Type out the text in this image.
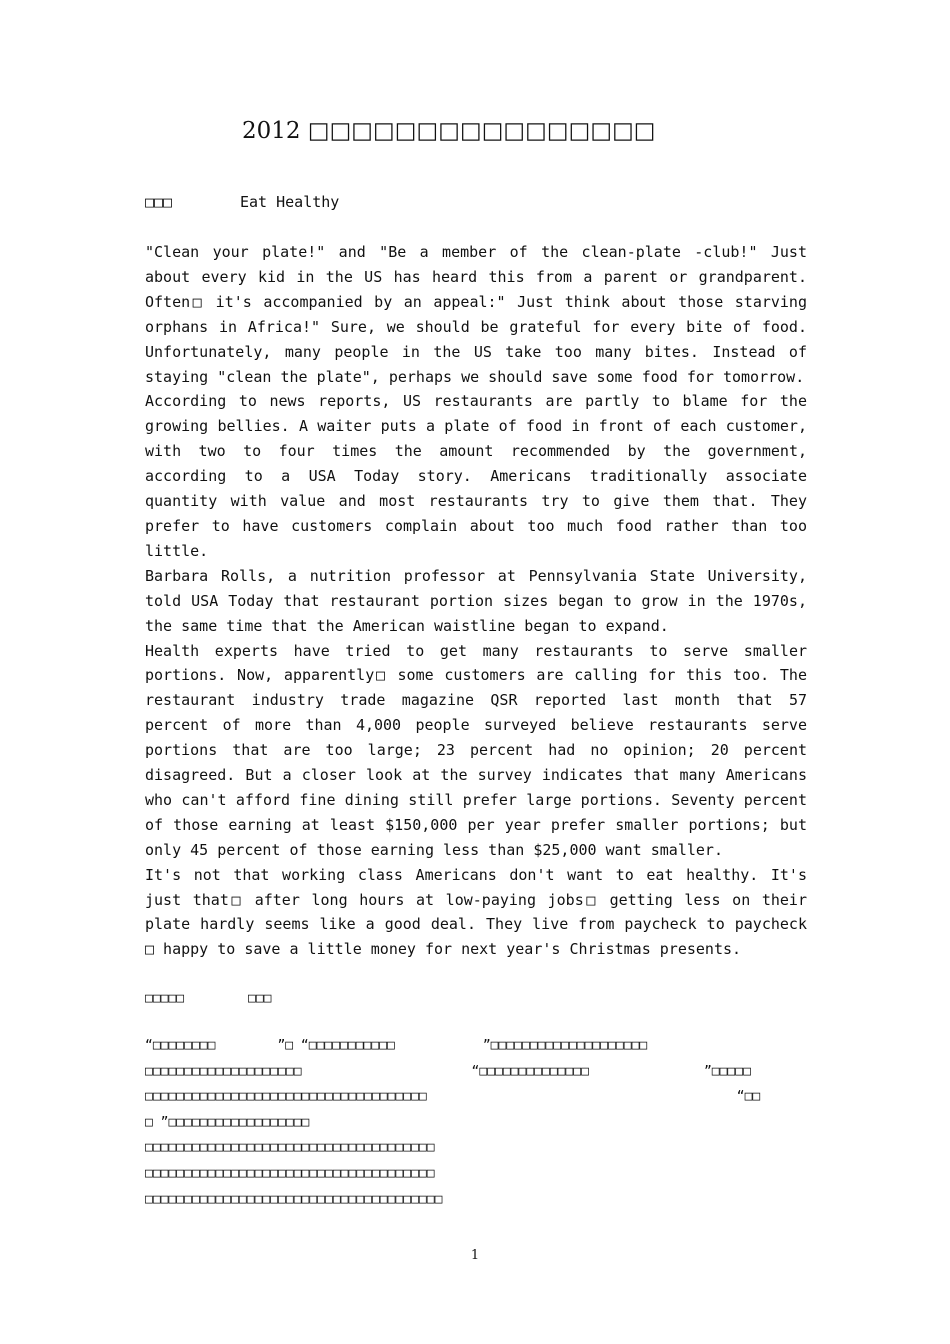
2012 □□□□□□□□□□□□□□□□
□□□	Eat Healthy

"Clean your plate!" and "Be a member of the clean-plate -club!" Just about every kid in the US has heard this from a parent or grandparent. Often□ it's accompanied by an appeal:" Just think about those starving orphans in Africa!" Sure, we should be grateful for every bite of food. Unfortunately, many people in the US take too many bites. Instead of staying "clean the plate", perhaps we should save some food for tomorrow.

According to news reports, US restaurants are partly to blame for the growing bellies. A waiter puts a plate of food in front of each customer, with two to four times the amount recommended by the government, according to a USA Today story. Americans traditionally associate quantity with value and most restaurants try to give them that. They prefer to have customers complain about too much food rather than too little.

Barbara Rolls, a nutrition professor at Pennsylvania State University, told USA Today that restaurant portion sizes began to grow in the 1970s, the same time that the American waistline began to expand.

Health experts have tried to get many restaurants to serve smaller portions. Now, apparently□ some customers are calling for this too. The restaurant industry trade magazine QSR reported last month that 57 percent of more than 4,000 people surveyed believe restaurants serve portions that are too large; 23 percent had no opinion; 20 percent disagreed. But a closer look at the survey indicates that many Americans who can't afford fine dining still prefer large portions. Seventy percent of those earning at least $150,000 per year prefer smaller portions; but only 45 percent of those earning less than $25,000 want smaller.

It's not that working class Americans don't want to eat healthy. It's just that□ after long hours at low-paying jobs□ getting less on their plate hardly seems like a good deal. They live from paycheck to paycheck □ happy to save a little money for next year's Christmas presents.

□□□□□	□□□
“□□□□□□□□	”□ “□□□□□□□□□□□	”□□□□□□□□□□□□□□□□□□□□
□□□□□□□□□□□□□□□□□□□□	“□□□□□□□□□□□□□□	”□□□□□
□□□□□□□□□□□□□□□□□□□□□□□□□□□□□□□□□□□□	“□□
□ ”□□□□□□□□□□□□□□□□□□
□□□□□□□□□□□□□□□□□□□□□□□□□□□□□□□□□□□□□
□□□□□□□□□□□□□□□□□□□□□□□□□□□□□□□□□□□□□
□□□□□□□□□□□□□□□□□□□□□□□□□□□□□□□□□□□□□□
1
